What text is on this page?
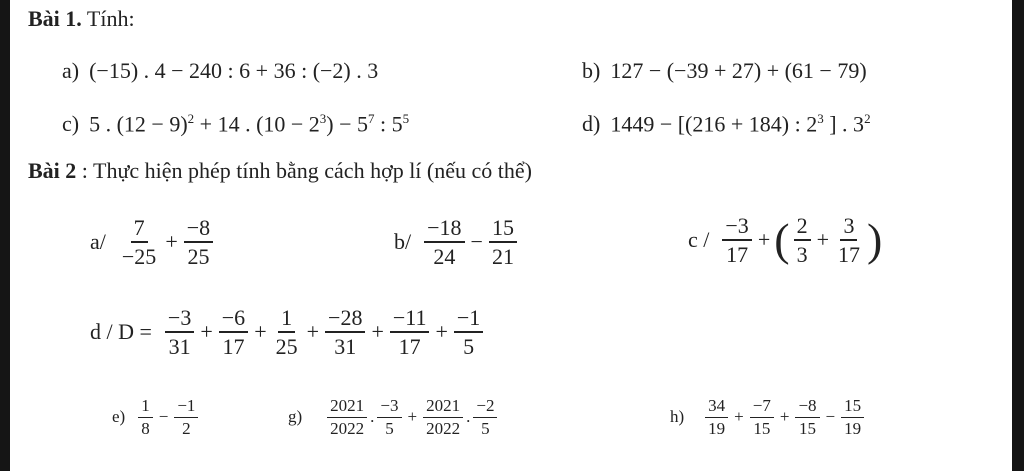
Bài 1. Tính:
a) (−15) . 4 − 240 : 6 + 36 : (−2) . 3	b) 127 − (−39 + 27) + (61 − 79)
c) 5 . $(12 - 9)^2 + 14$ . $(10 - 2^3) - 5^7$ : $5^5$	d) 1449 − [(216 + 184) : $2^3$ ] . $3^2$
Bài 2 : Thực hiện phép tính bằng cách hợp lí (nếu có thể)
$a/ \frac{7}{-25} + \frac{-8}{25}$	$b/ \frac{-18}{24} - \frac{15}{21}$	c / $\frac{-3}{17}$ + ( $\frac{2}{3} + \frac{3}{17}$ )
$d / D = \frac{-3}{31} + \frac{-6}{17} + \frac{1}{25} + \frac{-28}{31} + \frac{-11}{17} + \frac{-1}{5}$
$e) \frac{1}{8} - \frac{-1}{2}$	$g) \frac{2021}{2022}$ . $\frac{-3}{5} + \frac{2021}{2022}$ . $\frac{-2}{5}$	$h) \frac{34}{19} + \frac{-7}{15} + \frac{-8}{15} - \frac{15}{19}$
